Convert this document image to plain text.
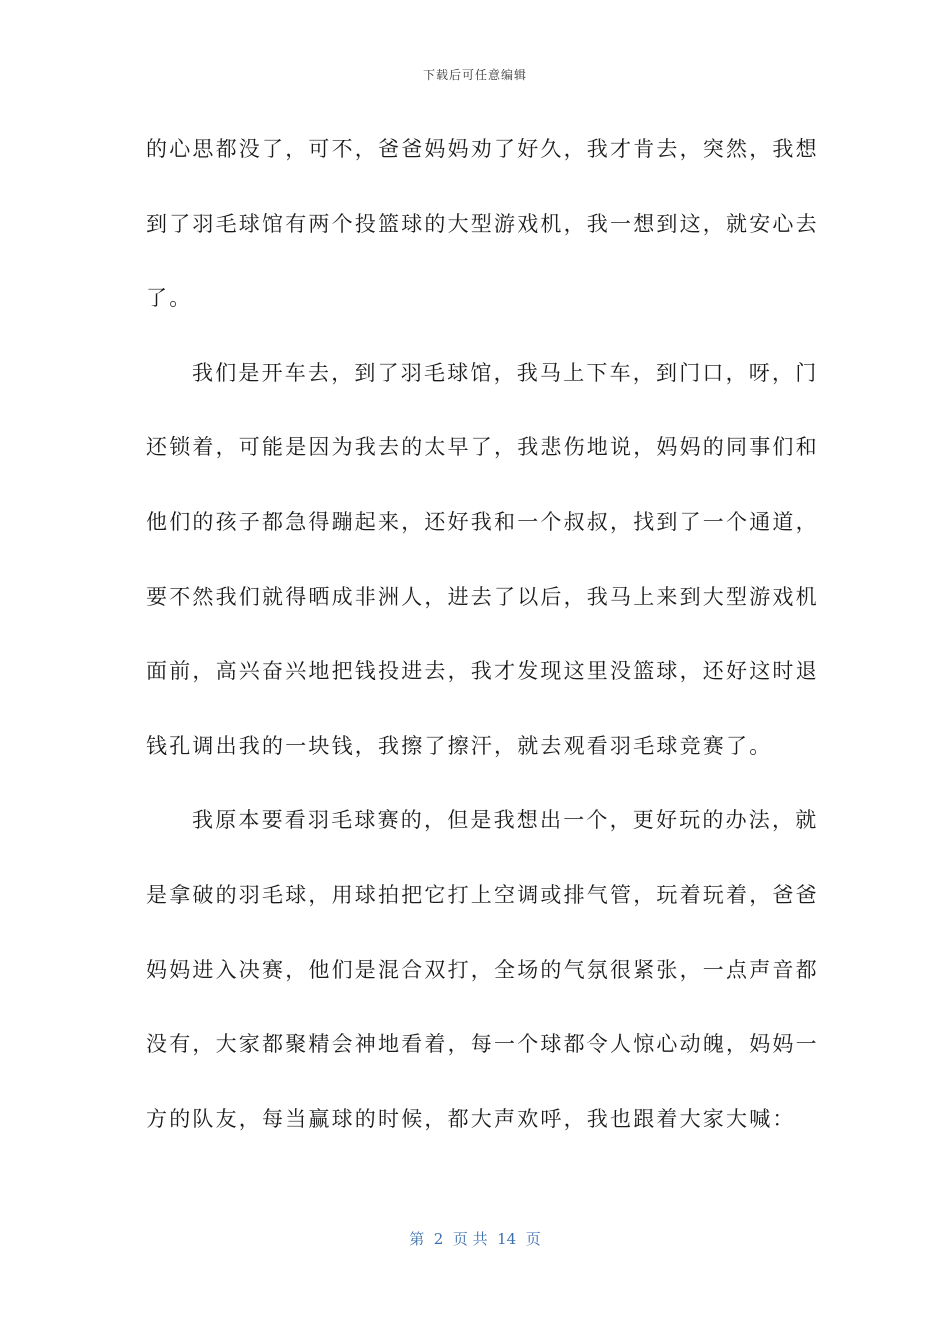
下载后可任意编辑
的心思都没了，可不，爸爸妈妈劝了好久，我才肯去，突然，我想
到了羽毛球馆有两个投篮球的大型游戏机，我一想到这，就安心去
了。
我们是开车去，到了羽毛球馆，我马上下车，到门口，呀，门
还锁着，可能是因为我去的太早了，我悲伤地说，妈妈的同事们和
他们的孩子都急得蹦起来，还好我和一个叔叔，找到了一个通道，
要不然我们就得晒成非洲人，进去了以后，我马上来到大型游戏机
面前，高兴奋兴地把钱投进去，我才发现这里没篮球，还好这时退
钱孔调出我的一块钱，我擦了擦汗，就去观看羽毛球竞赛了。
我原本要看羽毛球赛的，但是我想出一个，更好玩的办法，就
是拿破的羽毛球，用球拍把它打上空调或排气管，玩着玩着，爸爸
妈妈进入决赛，他们是混合双打，全场的气氛很紧张，一点声音都
没有，大家都聚精会神地看着，每一个球都令人惊心动魄，妈妈一
方的队友，每当赢球的时候，都大声欢呼，我也跟着大家大喊：
第  2  页 共  14  页
